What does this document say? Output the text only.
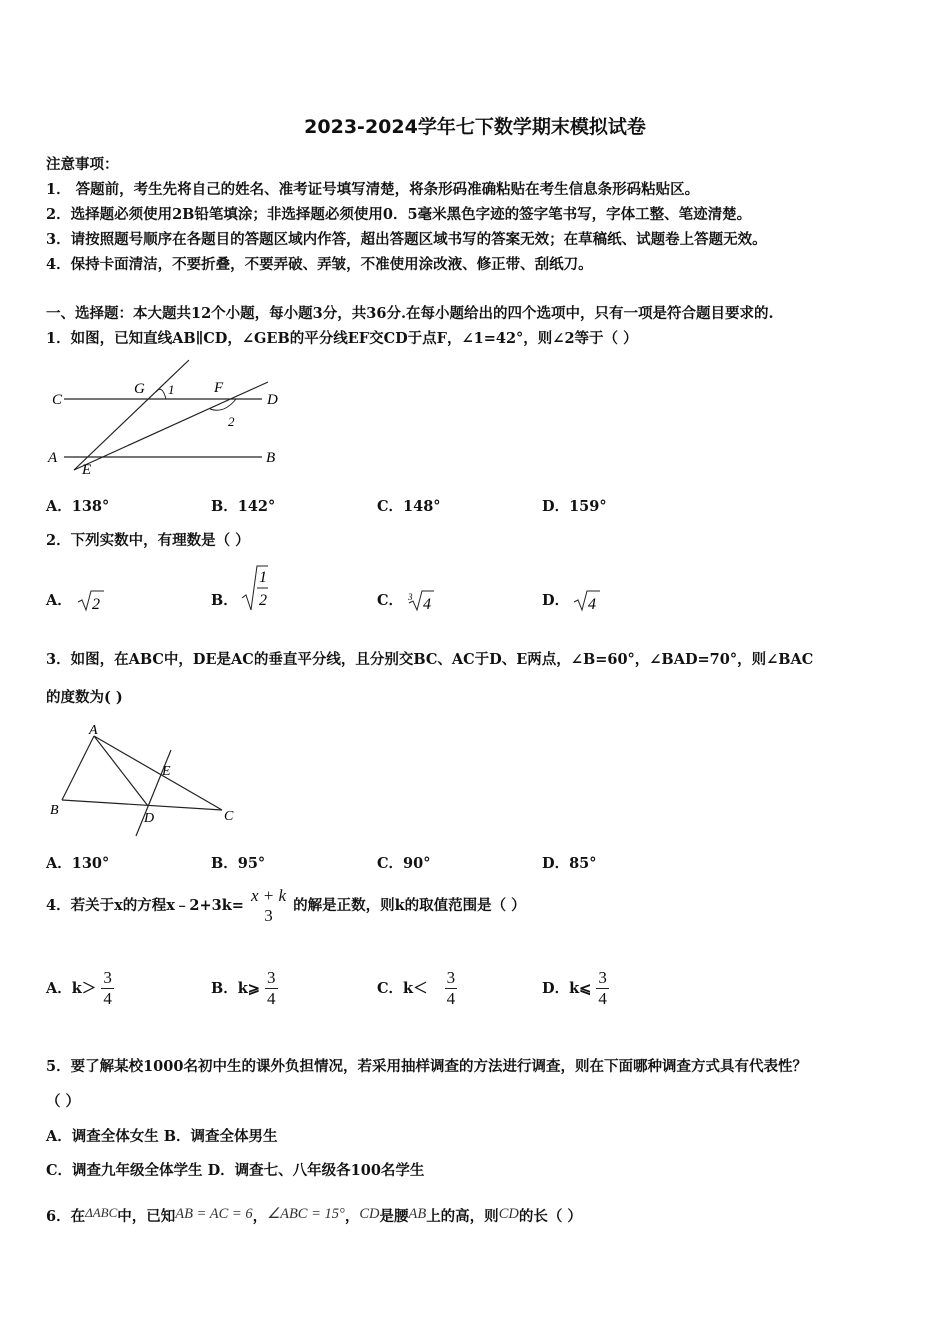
2023-2024学年七下数学期末模拟试卷
注意事项：
1． 答题前，考生先将自己的姓名、准考证号填写清楚，将条形码准确粘贴在考生信息条形码粘贴区。
2．选择题必须使用2B铅笔填涂；非选择题必须使用0．5毫米黑色字迹的签字笔书写，字体工整、笔迹清楚。
3．请按照题号顺序在各题目的答题区域内作答，超出答题区域书写的答案无效；在草稿纸、试题卷上答题无效。
4．保持卡面清洁，不要折叠，不要弄破、弄皱，不准使用涂改液、修正带、刮纸刀。
一、选择题：本大题共12个小题，每小题3分，共36分.在每小题给出的四个选项中，只有一项是符合题目要求的.
1．如图，已知直线AB∥CD，∠GEB的平分线EF交CD于点F，∠1=42°，则∠2等于（ ）
C
G 1	F
D
2
A
E
B
A．138°	B．142°	C．148°	D．159°
2．下列实数中，有理数是（ ）
A． 2	B．
1
2	C． 3 4	D． 4
3．如图，在ABC中，DE是AC的垂直平分线，且分别交BC、AC于D、E两点，∠B=60°，∠BAD=70°，则∠BAC
的度数为( )
A
E
B
D	C
A．130°	B．95°	C．90°	D．85°
4．若关于x的方程x﹣2+3k=
x + k
3
的解是正数，则k的取值范围是（ ）
A．$k> \frac{3}{4}$	B．k⩾ $\frac{3}{4}$	C．$k< \frac{3}{4}$	D．k⩽ $\frac{3}{4}$
5．要了解某校1000名初中生的课外负担情况，若采用抽样调查的方法进行调查，则在下面哪种调查方式具有代表性？
（ ）
A．调查全体女生 B．调查全体男生
C．调查九年级全体学生 D．调查七、八年级各100名学生
6．在ΔABC中，已知AB = AC = 6，∠ABC = 15°，CD是腰AB上的高，则CD的长（ ）
